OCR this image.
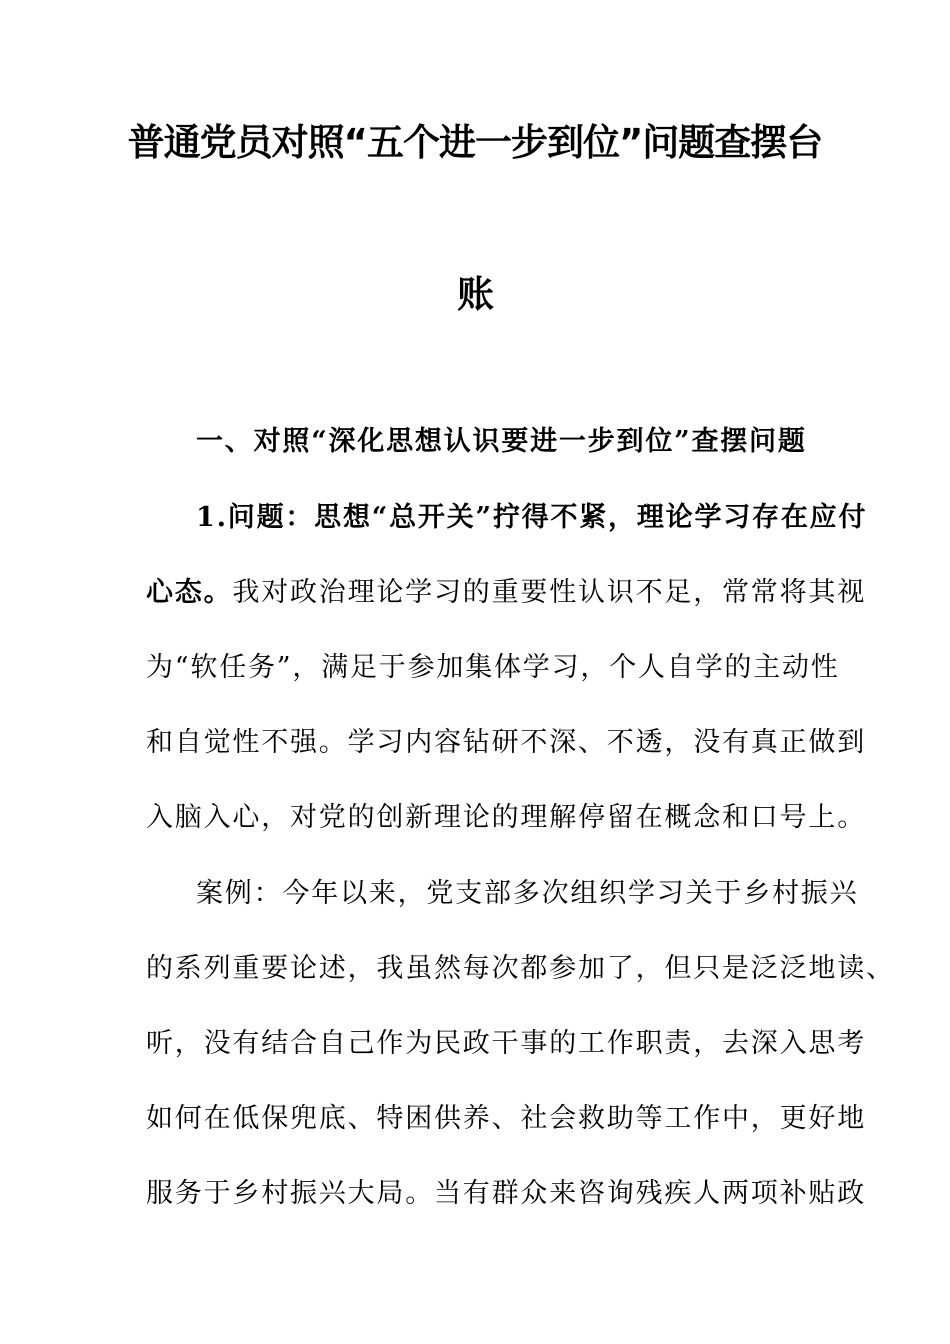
普通党员对照“五个进一步到位”问题查摆台
账
一、对照“深化思想认识要进一步到位”查摆问题
1.问题：思想“总开关”拧得不紧，理论学习存在应付
心态。我对政治理论学习的重要性认识不足，常常将其视
为“软任务”，满足于参加集体学习，个人自学的主动性
和自觉性不强。学习内容钻研不深、不透，没有真正做到
入脑入心，对党的创新理论的理解停留在概念和口号上。
案例：今年以来，党支部多次组织学习关于乡村振兴
的系列重要论述，我虽然每次都参加了，但只是泛泛地读、
听，没有结合自己作为民政干事的工作职责，去深入思考
如何在低保兜底、特困供养、社会救助等工作中，更好地
服务于乡村振兴大局。当有群众来咨询残疾人两项补贴政
